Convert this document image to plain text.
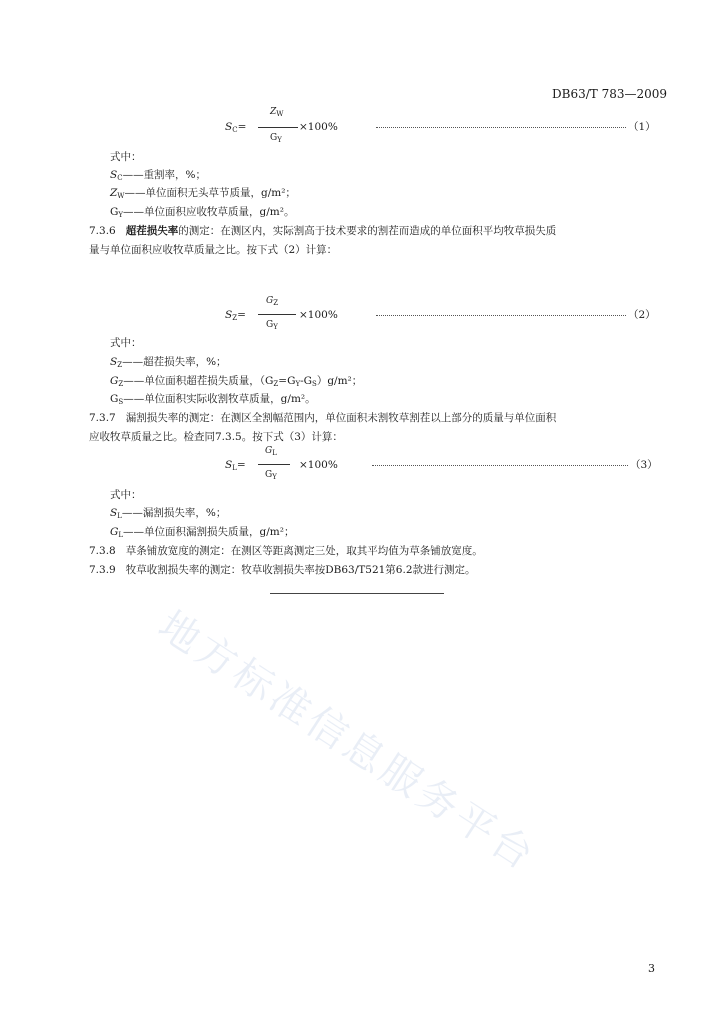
DB63/T 783—2009
$S_C=$
$Z_W$
$G_Y$
×100%	（1）
式中：
$S_C——$重割率，%；
$Z_W——$单位面积无头草节质量，g/m²；
$G_Y——$单位面积应收牧草质量，g/m²。
7.3.6 超茬损失率的测定：在测区内，实际割高于技术要求的割茬而造成的单位面积平均牧草损失质
量与单位面积应收牧草质量之比。按下式（2）计算：
$S_Z=$
$G_Z$
$G_Y$
×100%	（2）
式中：
$S_Z——$超茬损失率，%；
$G_Z——$单位面积超茬损失质量，$(G_Z=G_Y-G_S)g/m^2$；
$G_S——$单位面积实际收割牧草质量，g/m²。
7.3.7 漏割损失率的测定：在测区全割幅范围内，单位面积未割牧草割茬以上部分的质量与单位面积
应收牧草质量之比。检查同7.3.5。按下式（3）计算：
$S_L=$
$G_L$
$G_Y$
×100%	（3）
式中：
$S_L——$漏割损失率，%；
$G_L——$单位面积漏割损失质量，g/m²；
7.3.8 草条铺放宽度的测定：在测区等距离测定三处，取其平均值为草条铺放宽度。
7.3.9 牧草收割损失率的测定：牧草收割损失率按DB63/T521第6.2款进行测定。
地方标准信息服务平台
3
